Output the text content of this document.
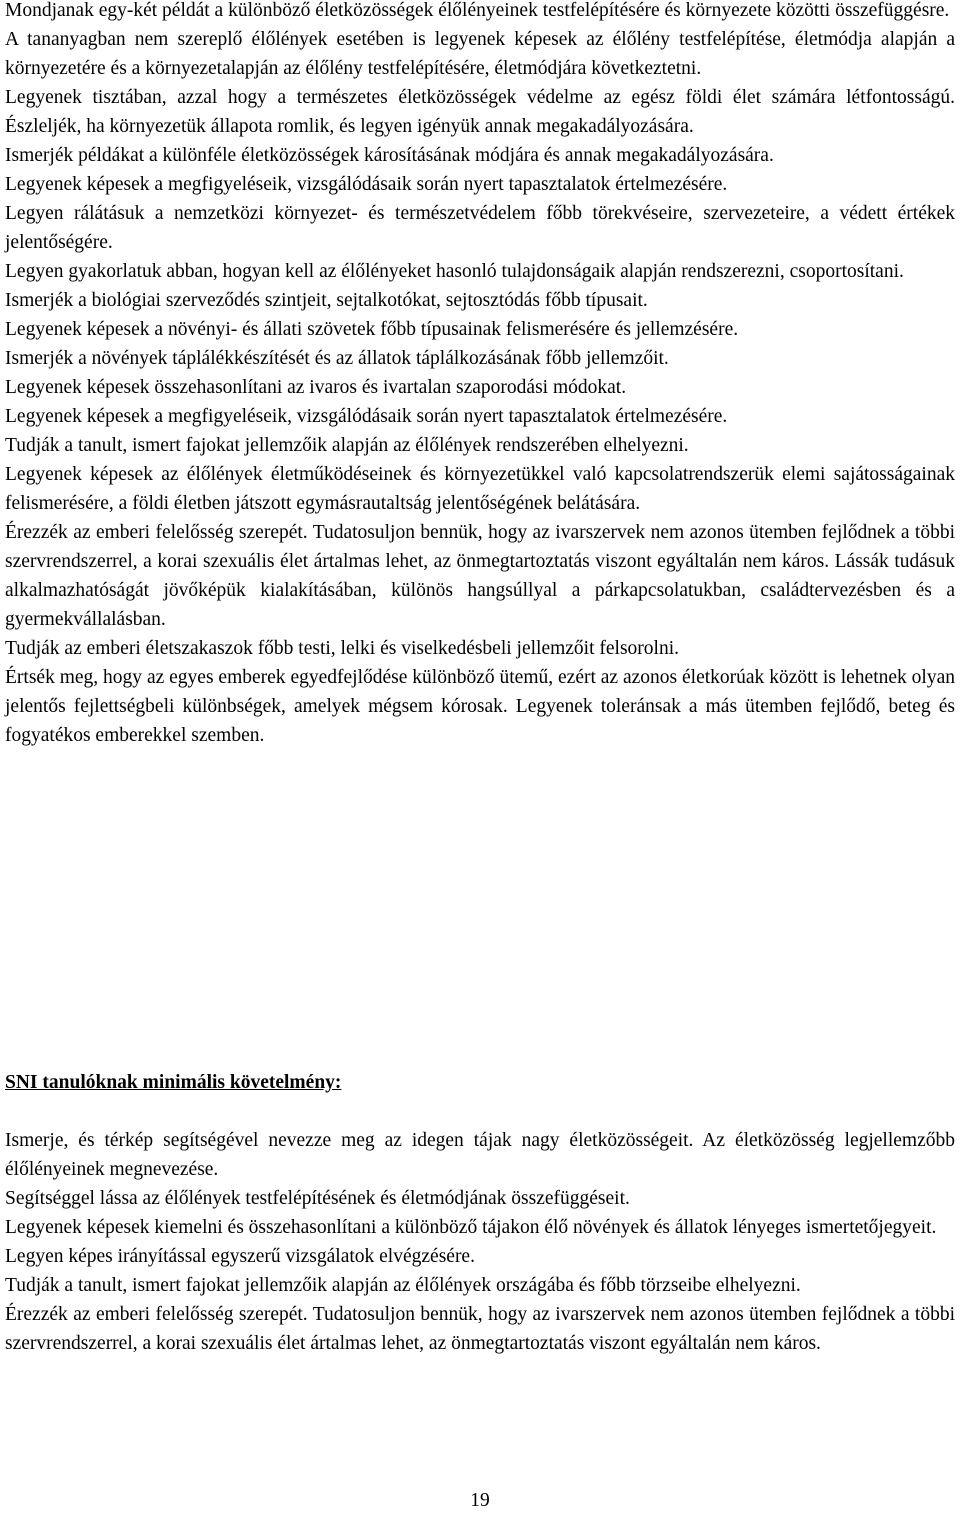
Mondjanak egy-két példát a különböző életközösségek élőlényeinek testfelépítésére és környezete közötti összefüggésre.

A tananyagban nem szereplő élőlények esetében is legyenek képesek az élőlény testfelépítése, életmódja alapján a környezetére és a környezetalapján az élőlény testfelépítésére, életmódjára következtetni.

Legyenek tisztában, azzal hogy a természetes életközösségek védelme az egész földi élet számára létfontosságú. Észleljék, ha környezetük állapota romlik, és legyen igényük annak megakadályozására.

Ismerjék példákat a különféle életközösségek károsításának módjára és annak megakadályozására.

Legyenek képesek a megfigyeléseik, vizsgálódásaik során nyert tapasztalatok értelmezésére.

Legyen rálátásuk a nemzetközi környezet- és természetvédelem főbb törekvéseire, szervezeteire, a védett értékek jelentőségére.

Legyen gyakorlatuk abban, hogyan kell az élőlényeket hasonló tulajdonságaik alapján rendszerezni, csoportosítani.

Ismerjék a biológiai szerveződés szintjeit, sejtalkotókat, sejtosztódás főbb típusait.

Legyenek képesek a növényi- és állati szövetek főbb típusainak felismerésére és jellemzésére.

Ismerjék a növények táplálékkészítését és az állatok táplálkozásának főbb jellemzőit.

Legyenek képesek összehasonlítani az ivaros és ivartalan szaporodási módokat.

Legyenek képesek a megfigyeléseik, vizsgálódásaik során nyert tapasztalatok értelmezésére.

Tudják a tanult, ismert fajokat jellemzőik alapján az élőlények rendszerében elhelyezni.

Legyenek képesek az élőlények életműködéseinek és környezetükkel való kapcsolatrendszerük elemi sajátosságainak felismerésére, a földi életben játszott egymásrautaltság jelentőségének belátására.

Érezzék az emberi felelősség szerepét. Tudatosuljon bennük, hogy az ivarszervek nem azonos ütemben fejlődnek a többi szervrendszerrel, a korai szexuális élet ártalmas lehet, az önmegtartoztatás viszont egyáltalán nem káros. Lássák tudásuk alkalmazhatóságát jövőképük kialakításában, különös hangsúllyal a párkapcsolatukban, családtervezésben és a gyermekvállalásban.

Tudják az emberi életszakaszok főbb testi, lelki és viselkedésbeli jellemzőit felsorolni.

Értsék meg, hogy az egyes emberek egyedfejlődése különböző ütemű, ezért az azonos életkorúak között is lehetnek olyan jelentős fejlettségbeli különbségek, amelyek mégsem kórosak. Legyenek toleránsak a más ütemben fejlődő, beteg és fogyatékos emberekkel szemben.

SNI tanulóknak minimális követelmény:

Ismerje, és térkép segítségével nevezze meg az idegen tájak nagy életközösségeit. Az életközösség legjellemzőbb élőlényeinek megnevezése.

Segítséggel lássa az élőlények testfelépítésének és életmódjának összefüggéseit.

Legyenek képesek kiemelni és összehasonlítani a különböző tájakon élő növények és állatok lényeges ismertetőjegyeit.

Legyen képes irányítással egyszerű vizsgálatok elvégzésére.

Tudják a tanult, ismert fajokat jellemzőik alapján az élőlények országába és főbb törzseibe elhelyezni.

Érezzék az emberi felelősség szerepét. Tudatosuljon bennük, hogy az ivarszervek nem azonos ütemben fejlődnek a többi szervrendszerrel, a korai szexuális élet ártalmas lehet, az önmegtartoztatás viszont egyáltalán nem káros.

19
